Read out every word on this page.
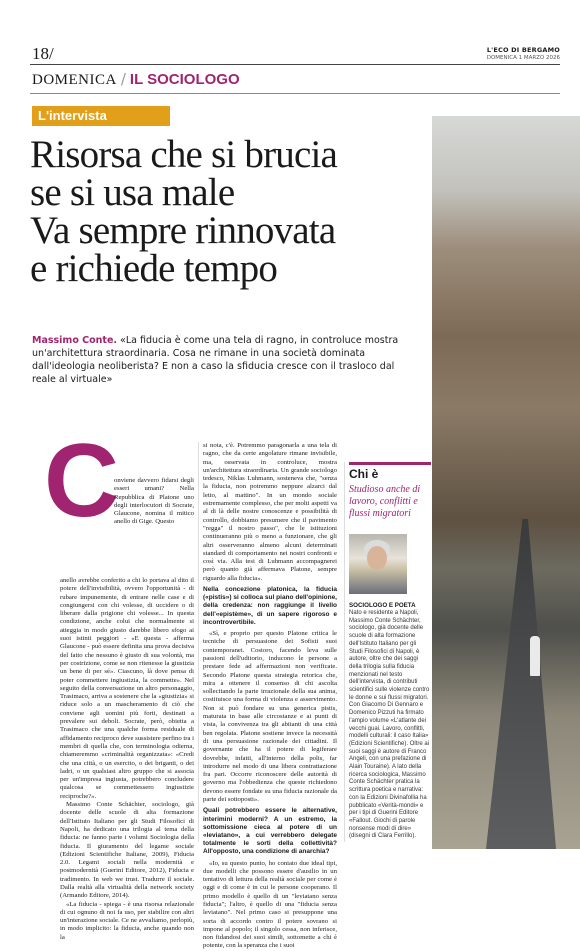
18/	L'ECO DI BERGAMO
DOMENICA 1 MARZO 2026
DOMENICA / IL SOCIOLOGO
L'intervista
Risorsa che si brucia
se si usa male
Va sempre rinnovata
e richiede tempo
Massimo Conte. «La fiducia è come una tela di ragno, in controluce mostra un'architettura straordinaria. Cosa ne rimane in una società dominata dall'ideologia neoliberista? E non a caso la sfiducia cresce con il trasloco dal reale al virtuale»
C

onviene davvero fidarsi degli esseri umani? Nella Repubblica di Platone uno degli interlocutori di Socrate, Glaucone, nomina il mitico anello di Gige. Questo

anello avrebbe conferito a chi lo portava al dito il potere dell'invisibilità, ovvero l'opportunità - di rubare impunemente, di entrare nelle case e di congiungersi con chi volesse, di uccidere o di liberare dalla prigione chi volesse... In questa condizione, anche colui che normalmente si atteggia in modo giusto darebbe libero sfogo ai suoi istinti peggiori - «E questa - afferma Glaucone - può essere definita una prova decisiva del fatto che nessuno è giusto di sua volontà, ma per costrizione, come se non ritenesse la giustizia un bene di per sé». Ciascuno, là dove pensa di poter commettere ingiustizia, la commette». Nel seguito della conversazione un altro personaggio, Trasimaco, arriva a sostenere che la «giustizia» si riduce solo a un mascheramento di ciò che conviene agli uomini più forti, destinati a prevalere sui deboli. Socrate, però, obietta a Trasimaco che una qualche forma residuale di affidamento reciproco deve sussistere perfino tra i membri di quella che, con terminologia odierna, chiameremmo «criminalità organizzata»: «Credi che una città, o un esercito, o dei briganti, o dei ladri, o un qualsiasi altro gruppo che si associa per un'impresa ingiusta, potrebbero concludere qualcosa se commettessero ingiustizie reciproche?».

Massimo Conte Schächter, sociologo, già docente delle scuole di alta formazione dell'Istituto Italiano per gli Studi Filosofici di Napoli, ha dedicato una trilogia al tema della fiducia: ne fanno parte i volumi Sociologia della fiducia. Il giuramento del legame sociale (Edizioni Scientifiche Italiane, 2009), Fiducia 2.0. Legami sociali nella modernità e postmodernità (Guerini Editore, 2012), Fiducia e tradimento. In web we trust. Tradurre il sociale. Dalla realtà alla virtualità della network society (Armando Editore, 2014).

«La fiducia - spiega - è una risorsa relazionale di cui ognuno di noi fa uso, per stabilire con altri un'interazione sociale. Ce ne avvaliamo, perlopiù, in modo implicito: la fiducia, anche quando non la

si nota, c'è. Potremmo paragonarla a una tela di ragno, che da certe angolature rimane invisibile, ma, osservata in controluce, mostra un'architettura straordinaria. Un grande sociologo tedesco, Niklas Luhmann, sosteneva che, "senza la fiducia, non potremmo neppure alzarci dal letto, al mattino". In un mondo sociale estremamente complesso, che per molti aspetti va al di là delle nostre conoscenze e possibilità di controllo, dobbiamo presumere che il pavimento "regga" il nostro passo", che le istituzioni continueranno più o meno a funzionare, che gli altri osserveranno almeno alcuni determinati standard di comportamento nei nostri confronti e così via. Alla tesi di Luhmann accompagnerei però quanto già affermava Platone, sempre riguardo alla fiducia».

Nella concezione platonica, la fiducia («pistis») si colloca sul piano dell'opinione, della credenza: non raggiunge il livello dell'«epistème», di un sapere rigoroso e incontrovertibile.

«Sì, e proprio per questo Platone critica le tecniche di persuasione dei Sofisti suoi contemporanei. Costoro, facendo leva sulle passioni dell'uditorio, inducono le persone a prestare fede ad affermazioni non verificate. Secondo Platone questa strategia retorica che, mira a ottenere il consenso di chi ascolta sollecitando la parte irrazionale della sua anima, costituisce una forma di violenza e asservimento. Non si può fondare su una generica pistis, maturata in base alle circostanze e ai punti di vista, la convivenza tra gli abitanti di una città ben regolata. Platone sostiene invece la necessità di una persuasione razionale dei cittadini. Il governante che ha il potere di legiferare dovrebbe, infatti, all'interno della polis, far introdurre nel modo di una libera contrattazione fra pari. Occorre riconoscere delle autorità di governo ma l'obbedienza che queste richiedono devono essere fondate su una fiducia razionale da parte dei sottoposti».

Quali potrebbero essere le alternative, interimini moderni? A un estremo, la sottomissione cieca al potere di un «leviatano», a cui verrebbero delegate totalmente le sorti della collettività? All'opposto, una condizione di anarchia?

«Io, su questo punto, ho coniato due ideal tipi, due modelli che possono essere d'ausilio in un tentativo di lettura della realtà sociale per come è oggi e di come è in cui le persone cooperano. Il primo modello è quello di un "leviatano senza fiducia"; l'altro, è quello di una "fiducia senza leviatano". Nel primo caso si presuppone una sorta di accordo contro il potere sovrano si impone al popolo; il singolo cessa, non inferisce, non fidandosi dei suoi simili, sottomette a chi è potente, con la speranza che i suoi

Chi è
Studioso anche di lavoro, conflitti e flussi migratori
SOCIOLOGO E POETA
Nato e residente a Napoli, Massimo Conte Schächter, sociologo, già docente delle scuole di alta formazione dell'Istituto Italiano per gli Studi Filosofici di Napoli, è autore, oltre che dei saggi della trilogia sulla fiducia menzionati nel testo dell'intervista, di contributi scientifici sulle violenze contro le donne e sui flussi migratori. Con Giacomo Di Gennaro e Domenico Pizzuti ha firmato l'ampio volume «L'atlante dei vecchi guai. Lavoro, conflitti, modelli culturali: il caso Italia» (Edizioni Scientifiche). Oltre ai suoi saggi è autore di Franco Angeli, con una prefazione di Alain Touraine). A lato della ricerca sociologica, Massimo Conte Schächter pratica la scrittura poetica e narrativa: con la Edizioni Divinafollia ha pubblicato «Verità-mondi» e per i tipi di Guerini Editore «Fallout. Giochi di parole nonsense modi di dire» (disegni di Clara Ferrillo).
